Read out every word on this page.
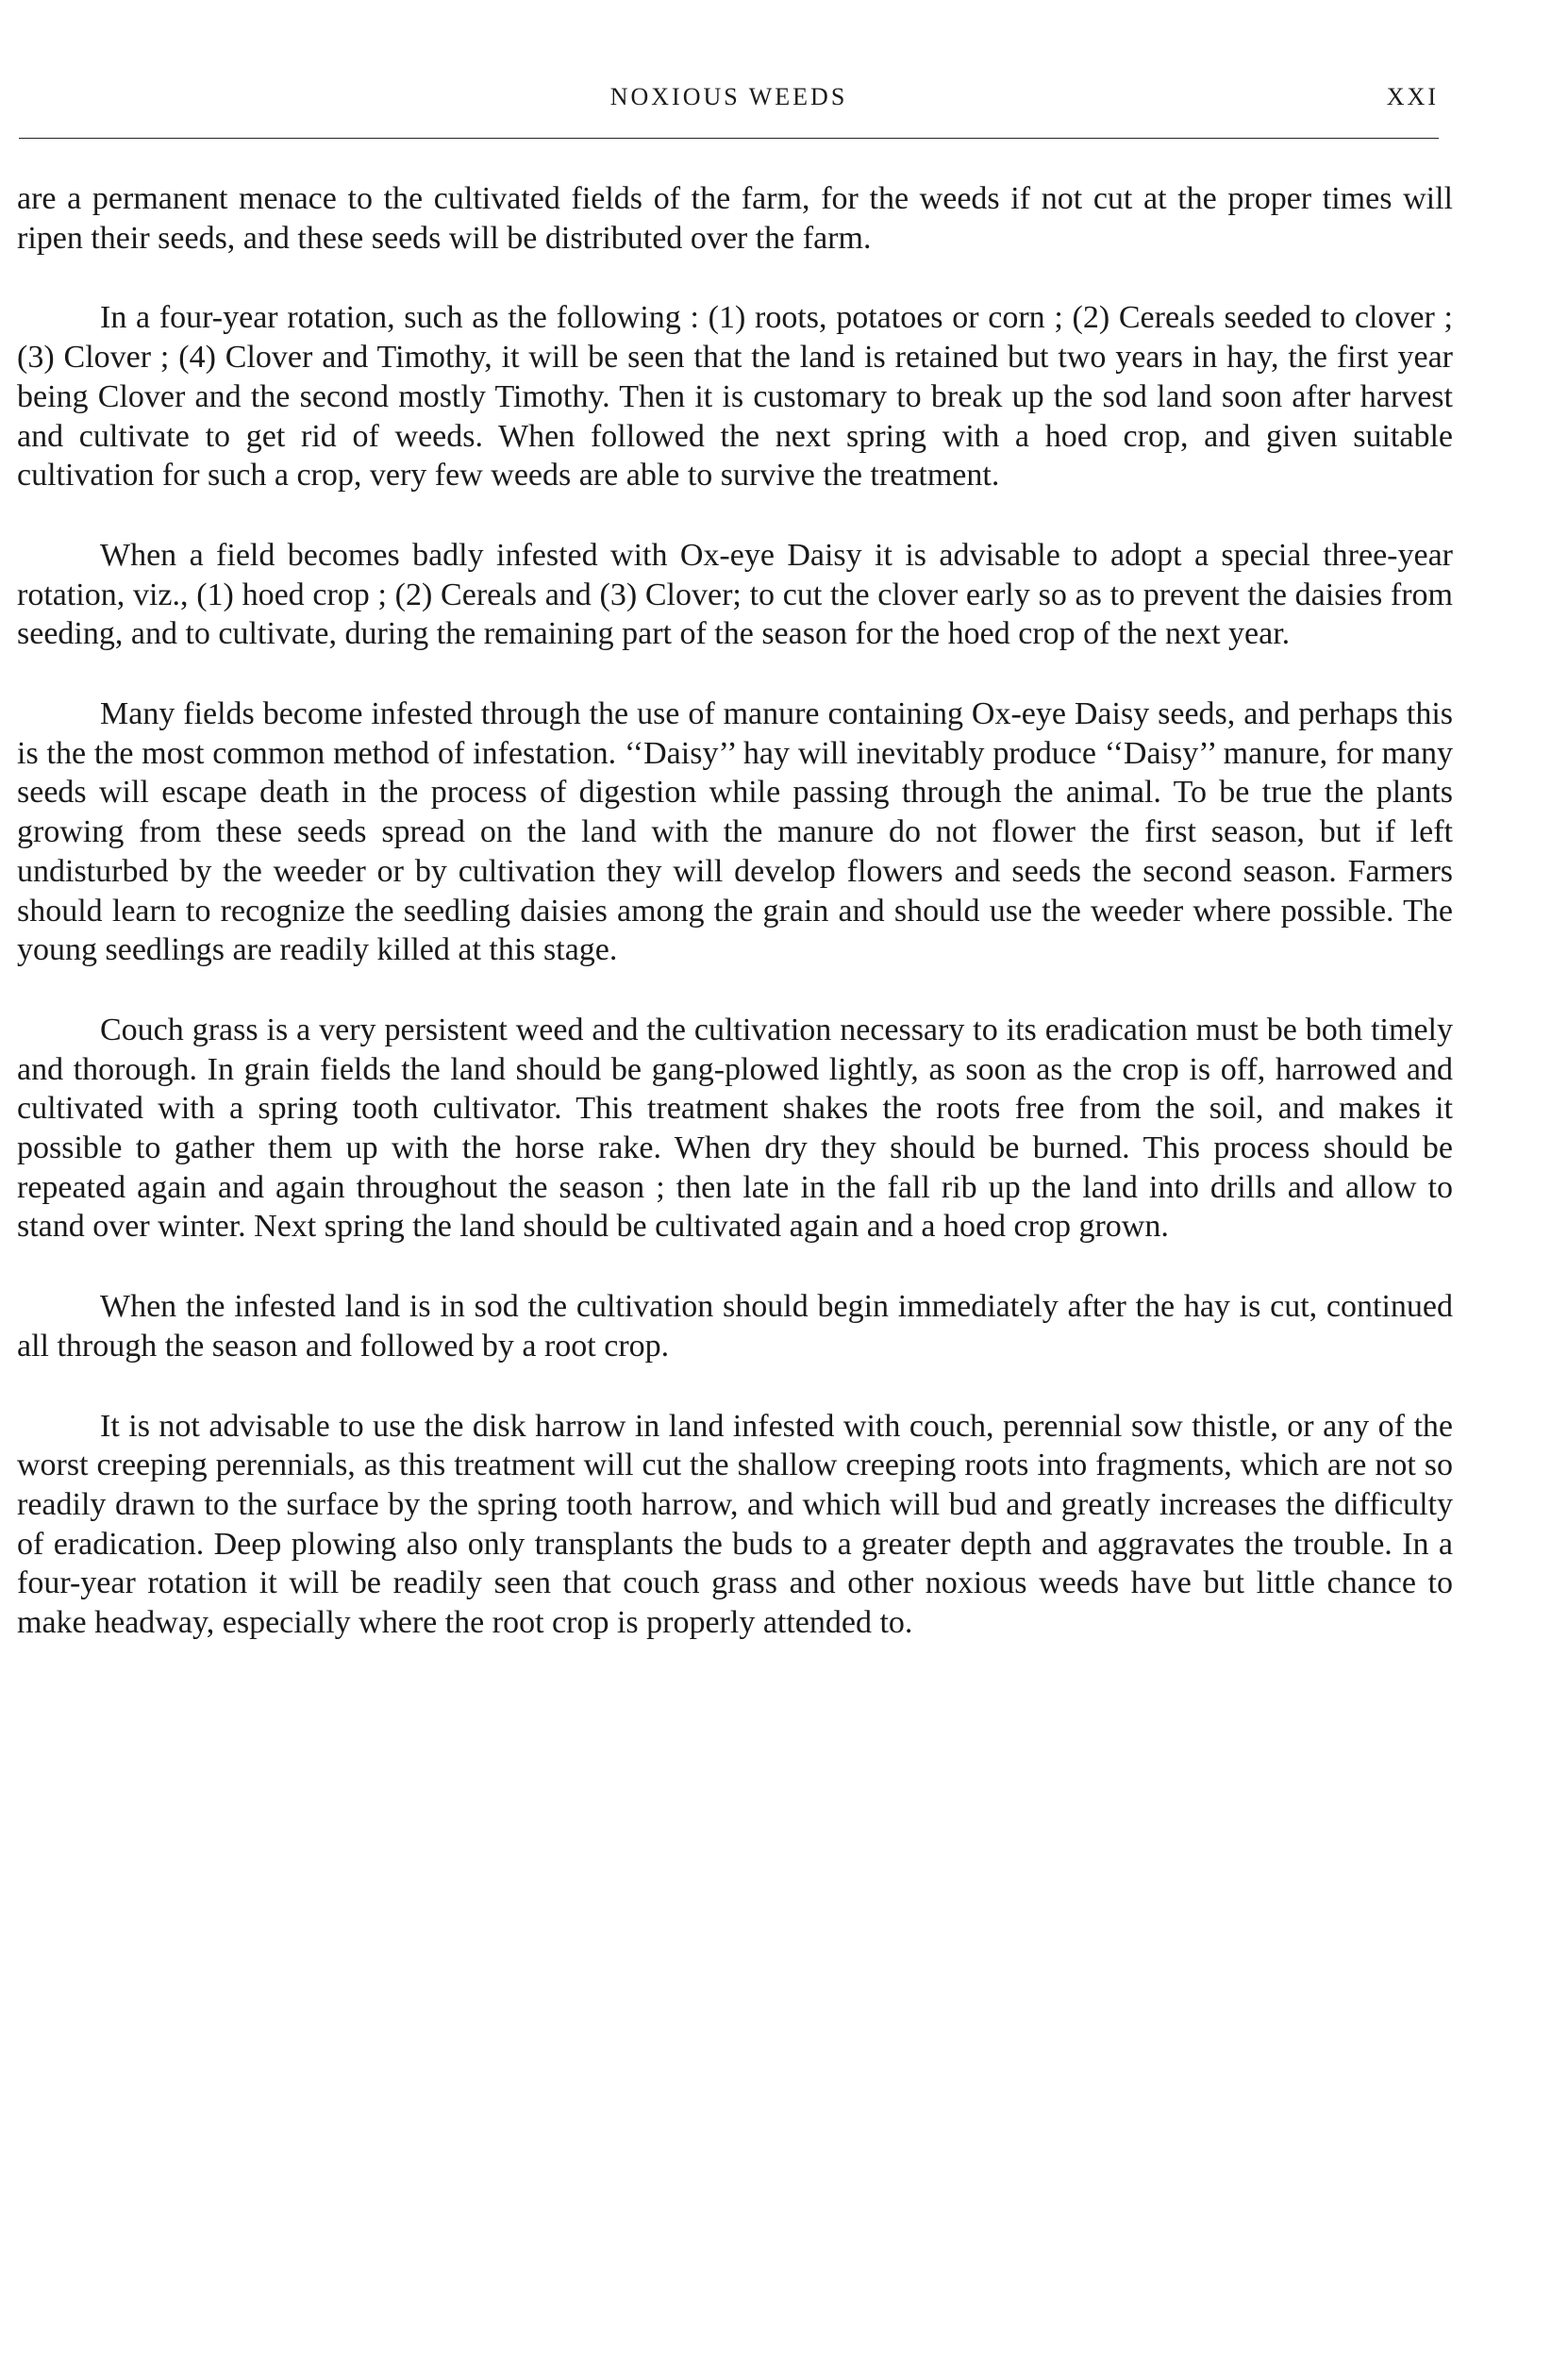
NOXIOUS WEEDS	XXI

are a permanent menace to the cultivated fields of the farm, for the weeds if not cut at the proper times will ripen their seeds, and these seeds will be distributed over the farm.

In a four-year rotation, such as the following : (1) roots, potatoes or corn ; (2) Cereals seeded to clover ; (3) Clover ; (4) Clover and Timothy, it will be seen that the land is retained but two years in hay, the first year being Clover and the second mostly Timothy. Then it is customary to break up the sod land soon after harvest and cultivate to get rid of weeds. When followed the next spring with a hoed crop, and given suitable cultivation for such a crop, very few weeds are able to survive the treatment.

When a field becomes badly infested with Ox-eye Daisy it is advisable to adopt a special three-year rotation, viz., (1) hoed crop ; (2) Cereals and (3) Clover; to cut the clover early so as to prevent the daisies from seeding, and to cultivate, during the remaining part of the season for the hoed crop of the next year.

Many fields become infested through the use of manure containing Ox-eye Daisy seeds, and perhaps this is the the most common method of infestation. ‘‘Daisy’’ hay will inevitably produce ‘‘Daisy’’ manure, for many seeds will escape death in the process of digestion while passing through the animal. To be true the plants growing from these seeds spread on the land with the manure do not flower the first season, but if left undisturbed by the weeder or by cultivation they will develop flowers and seeds the second season. Farmers should learn to recognize the seedling daisies among the grain and should use the weeder where possible. The young seedlings are readily killed at this stage.

Couch grass is a very persistent weed and the cultivation necessary to its eradication must be both timely and thorough. In grain fields the land should be gang-plowed lightly, as soon as the crop is off, harrowed and cultivated with a spring tooth cultivator. This treatment shakes the roots free from the soil, and makes it possible to gather them up with the horse rake. When dry they should be burned. This process should be repeated again and again throughout the season ; then late in the fall rib up the land into drills and allow to stand over winter. Next spring the land should be cultivated again and a hoed crop grown.

When the infested land is in sod the cultivation should begin immediately after the hay is cut, continued all through the season and followed by a root crop.

It is not advisable to use the disk harrow in land infested with couch, perennial sow thistle, or any of the worst creeping perennials, as this treatment will cut the shallow creeping roots into fragments, which are not so readily drawn to the surface by the spring tooth harrow, and which will bud and greatly increases the difficulty of eradication. Deep plowing also only transplants the buds to a greater depth and aggravates the trouble. In a four-year rotation it will be readily seen that couch grass and other noxious weeds have but little chance to make headway, especially where the root crop is properly attended to.
